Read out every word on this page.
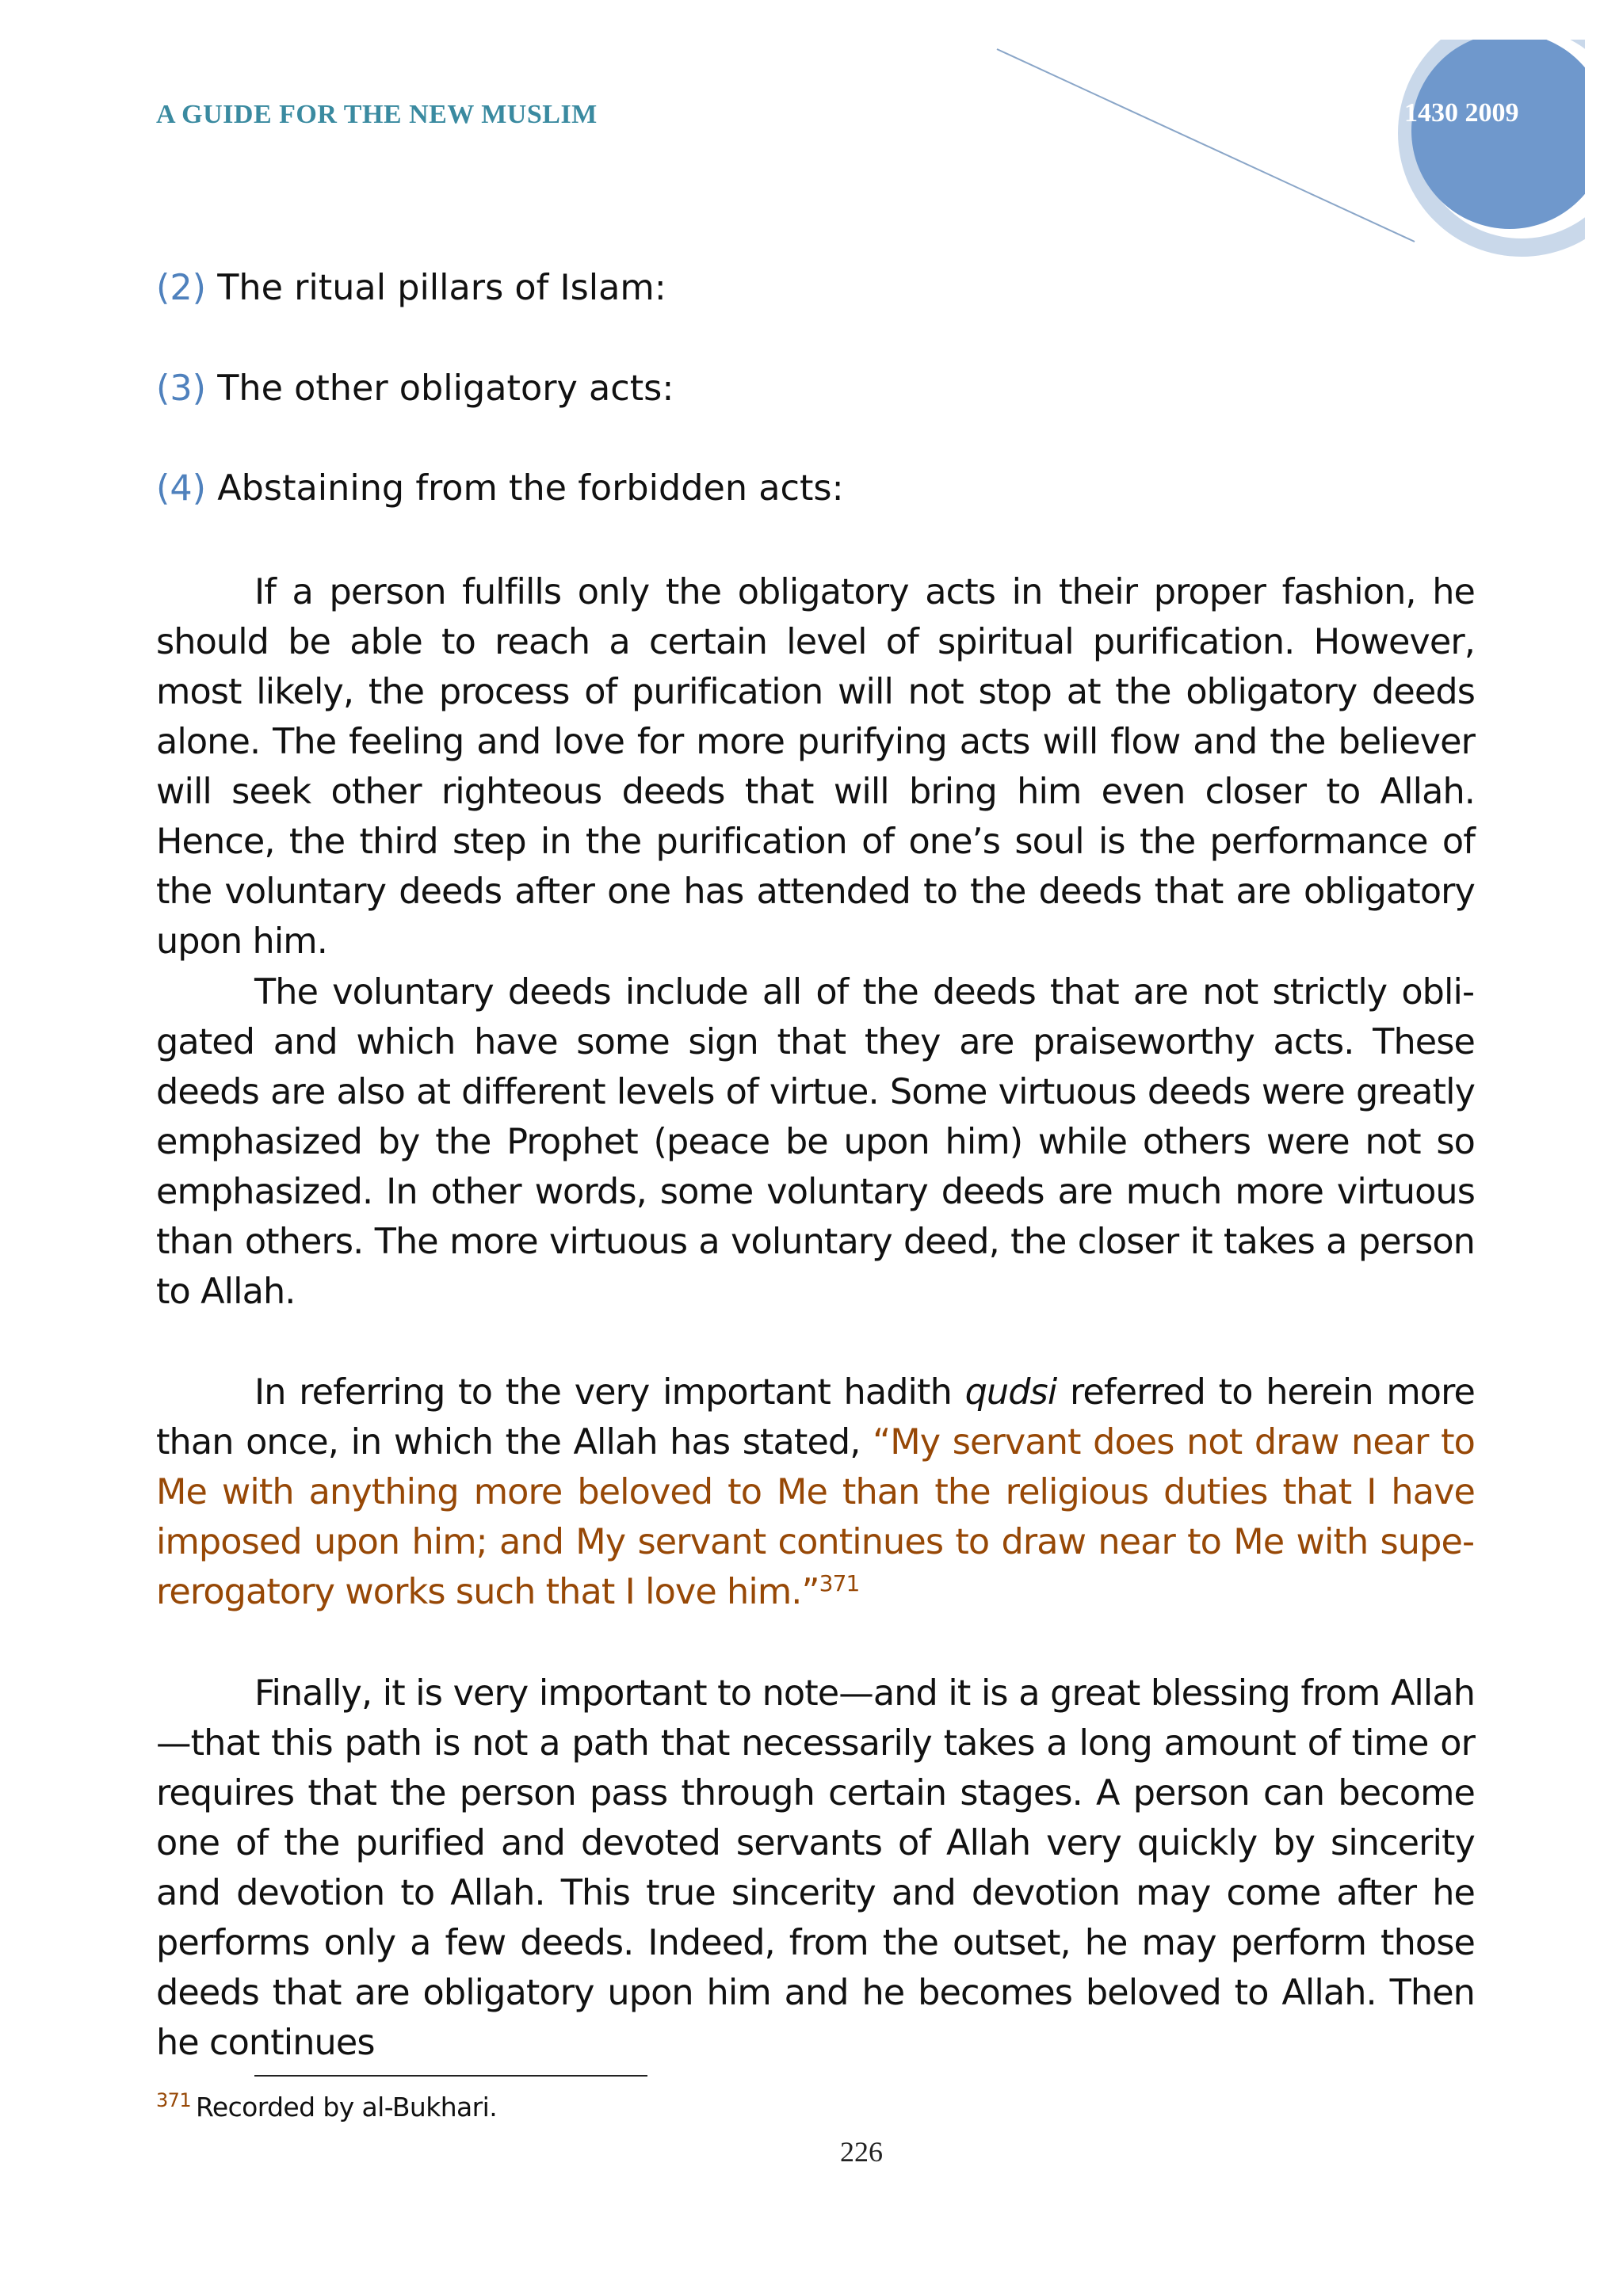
A GUIDE FOR THE NEW MUSLIM	1430 2009
(2) The ritual pillars of Islam:
(3) The other obligatory acts:
(4) Abstaining from the forbidden acts:

If a person fulfills only the obligatory acts in their proper fashion, he should be able to reach a certain level of spiritual purification. However, most likely, the process of purification will not stop at the obligatory deeds alone. The feeling and love for more purifying acts will flow and the believer will seek other righteous deeds that will bring him even closer to Allah. Hence, the third step in the purification of one’s soul is the performance of the voluntary deeds after one has attended to the deeds that are obligatory upon him.

The voluntary deeds include all of the deeds that are not strictly obligated and which have some sign that they are praiseworthy acts. These deeds are also at different levels of virtue. Some virtuous deeds were greatly emphasized by the Prophet (peace be upon him) while others were not so emphasized. In other words, some voluntary deeds are much more virtuous than others. The more virtuous a voluntary deed, the closer it takes a person to Allah.

In referring to the very important hadith qudsi referred to herein more than once, in which the Allah has stated, “My servant does not draw near to Me with anything more beloved to Me than the religious duties that I have imposed upon him; and My servant continues to draw near to Me with supererogatory works such that I love him.”$^{371}$

Finally, it is very important to note—and it is a great blessing from Allah—that this path is not a path that necessarily takes a long amount of time or requires that the person pass through certain stages. A person can become one of the purified and devoted servants of Allah very quickly by sincerity and devotion to Allah. This true sincerity and devotion may come after he performs only a few deeds. Indeed, from the outset, he may perform those deeds that are obligatory upon him and he becomes beloved to Allah. Then he continues

$^{371}$ Recorded by al-Bukhari.
226
